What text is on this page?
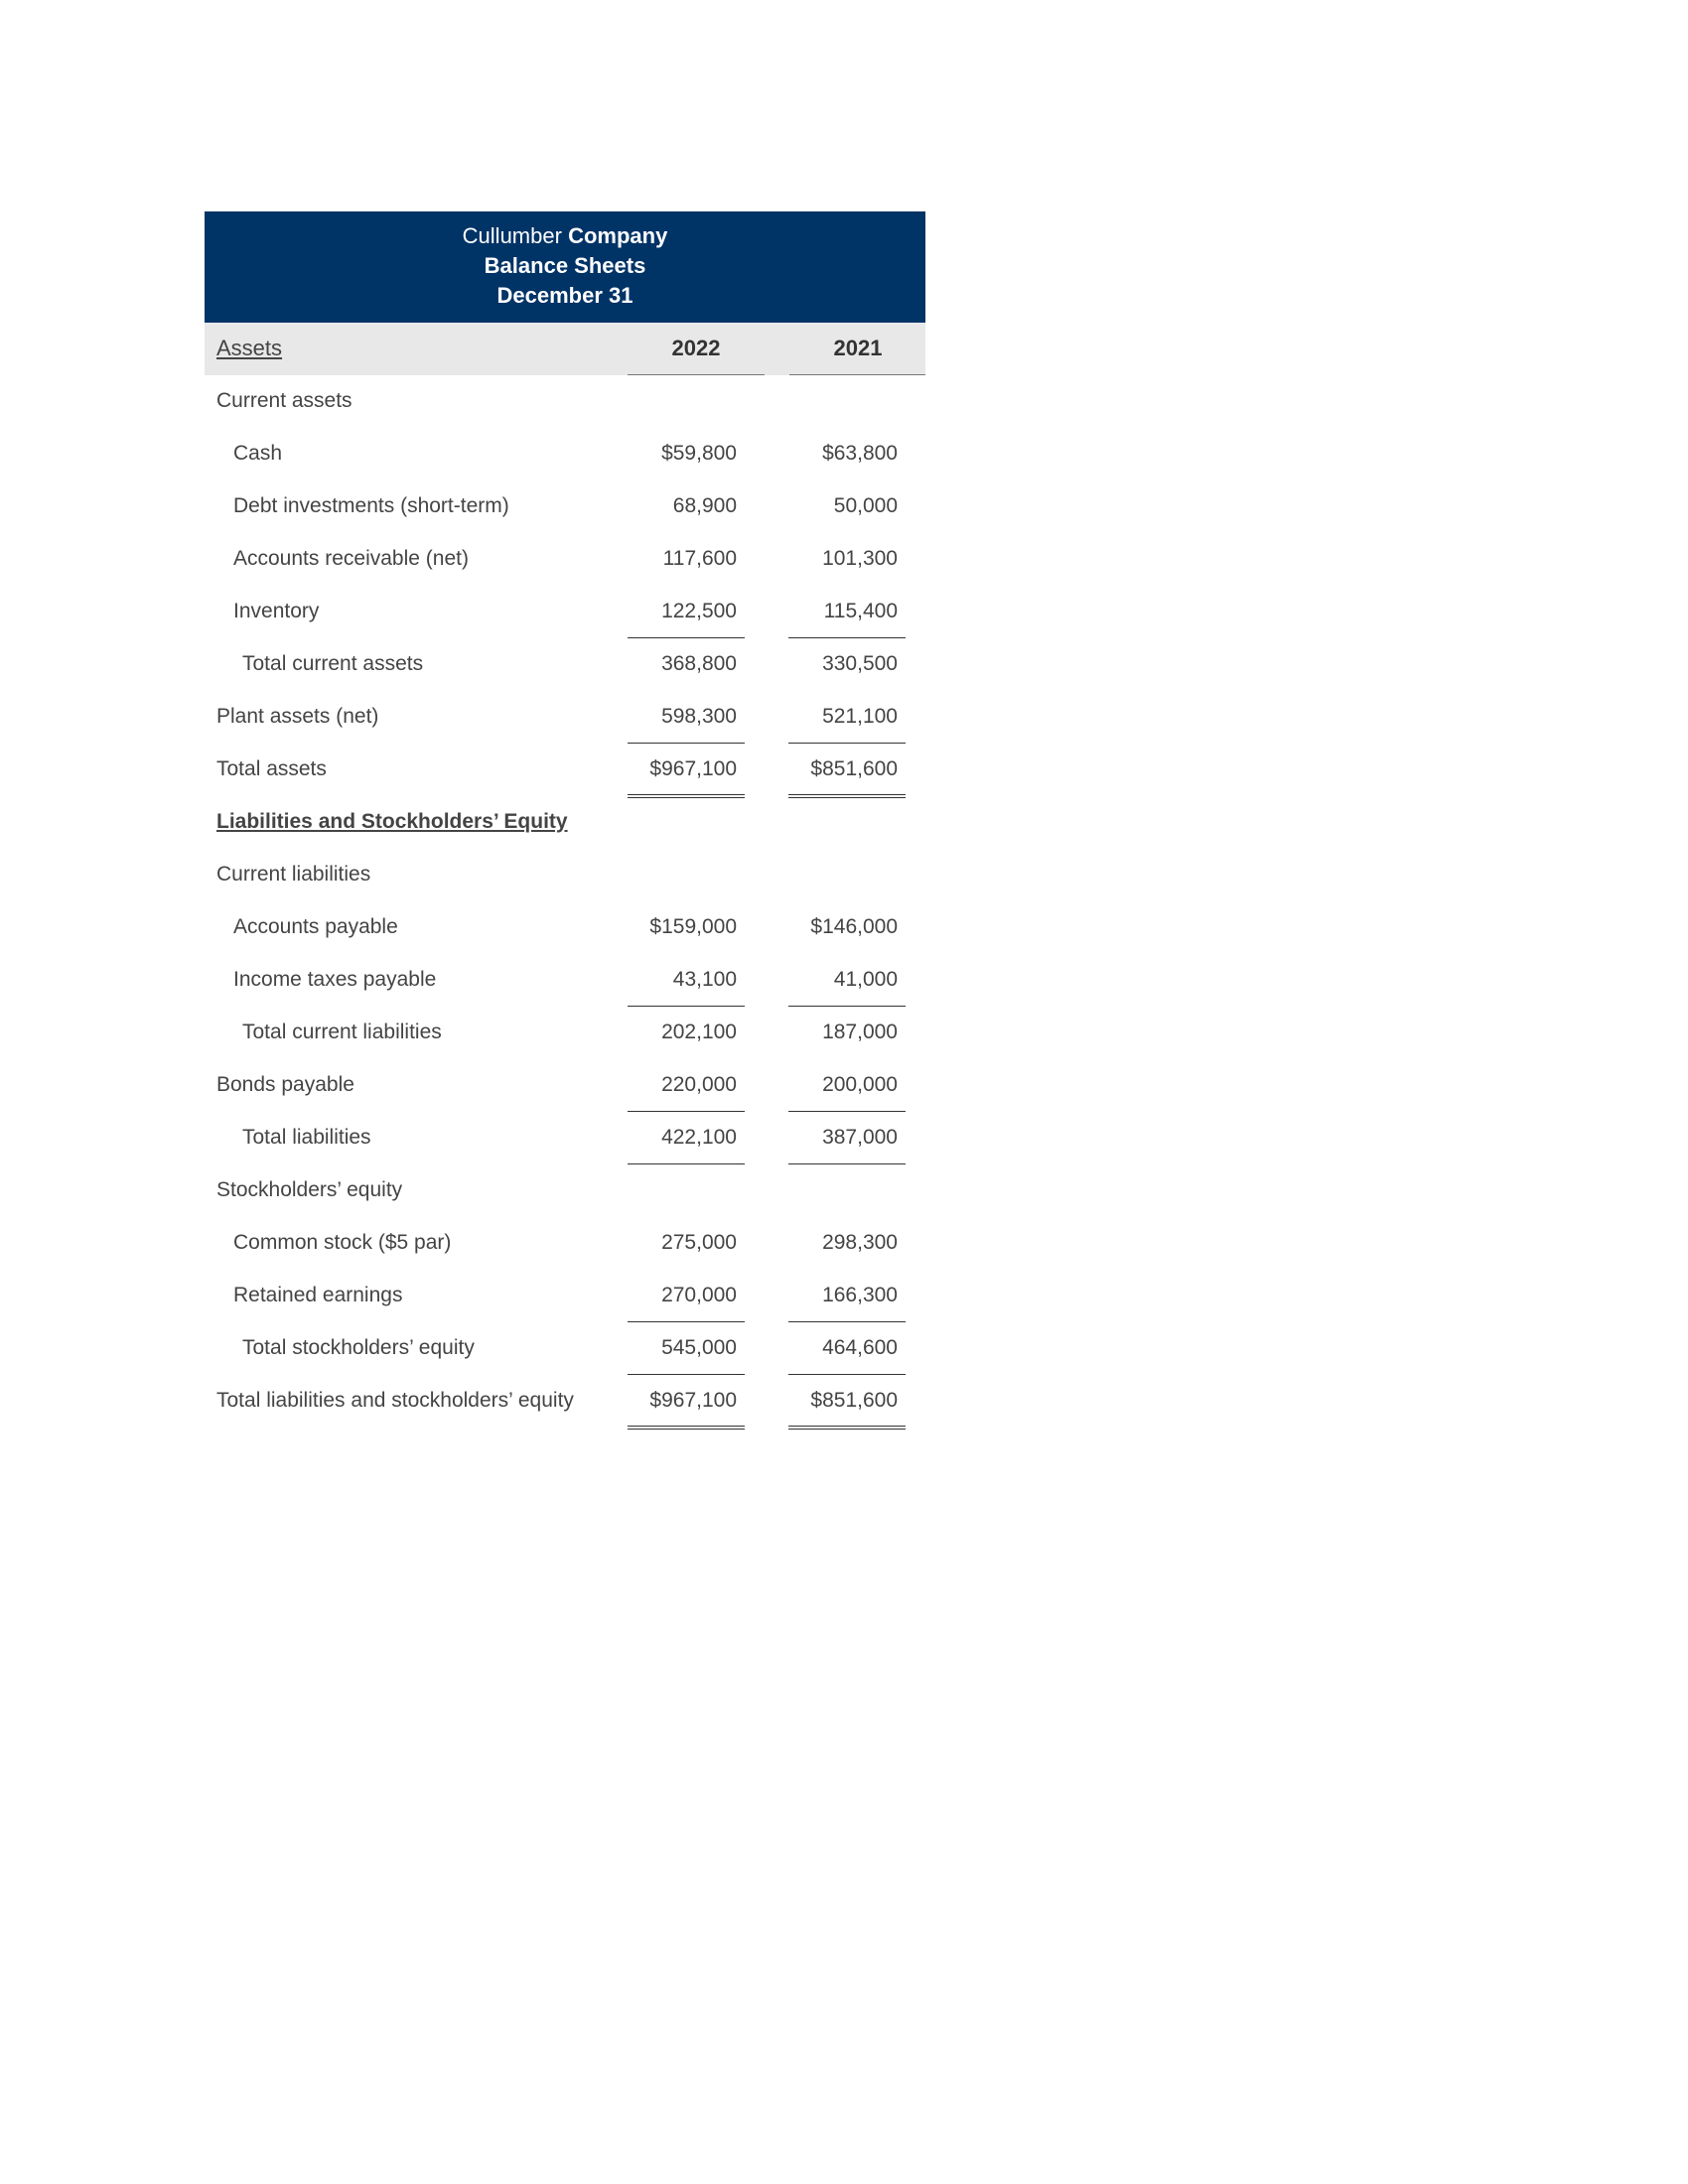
Cullumber Company
Balance Sheets
December 31
Assets	2022	2021
Current assets
Cash	$59,800	$63,800
Debt investments (short-term)	68,900	50,000
Accounts receivable (net)	117,600	101,300
Inventory	122,500	115,400
Total current assets	368,800	330,500
Plant assets (net)	598,300	521,100
Total assets	$967,100	$851,600
Liabilities and Stockholders’ Equity
Current liabilities
Accounts payable	$159,000	$146,000
Income taxes payable	43,100	41,000
Total current liabilities	202,100	187,000
Bonds payable	220,000	200,000
Total liabilities	422,100	387,000
Stockholders’ equity
Common stock ($5 par)	275,000	298,300
Retained earnings	270,000	166,300
Total stockholders’ equity	545,000	464,600
Total liabilities and stockholders’ equity	$967,100	$851,600
